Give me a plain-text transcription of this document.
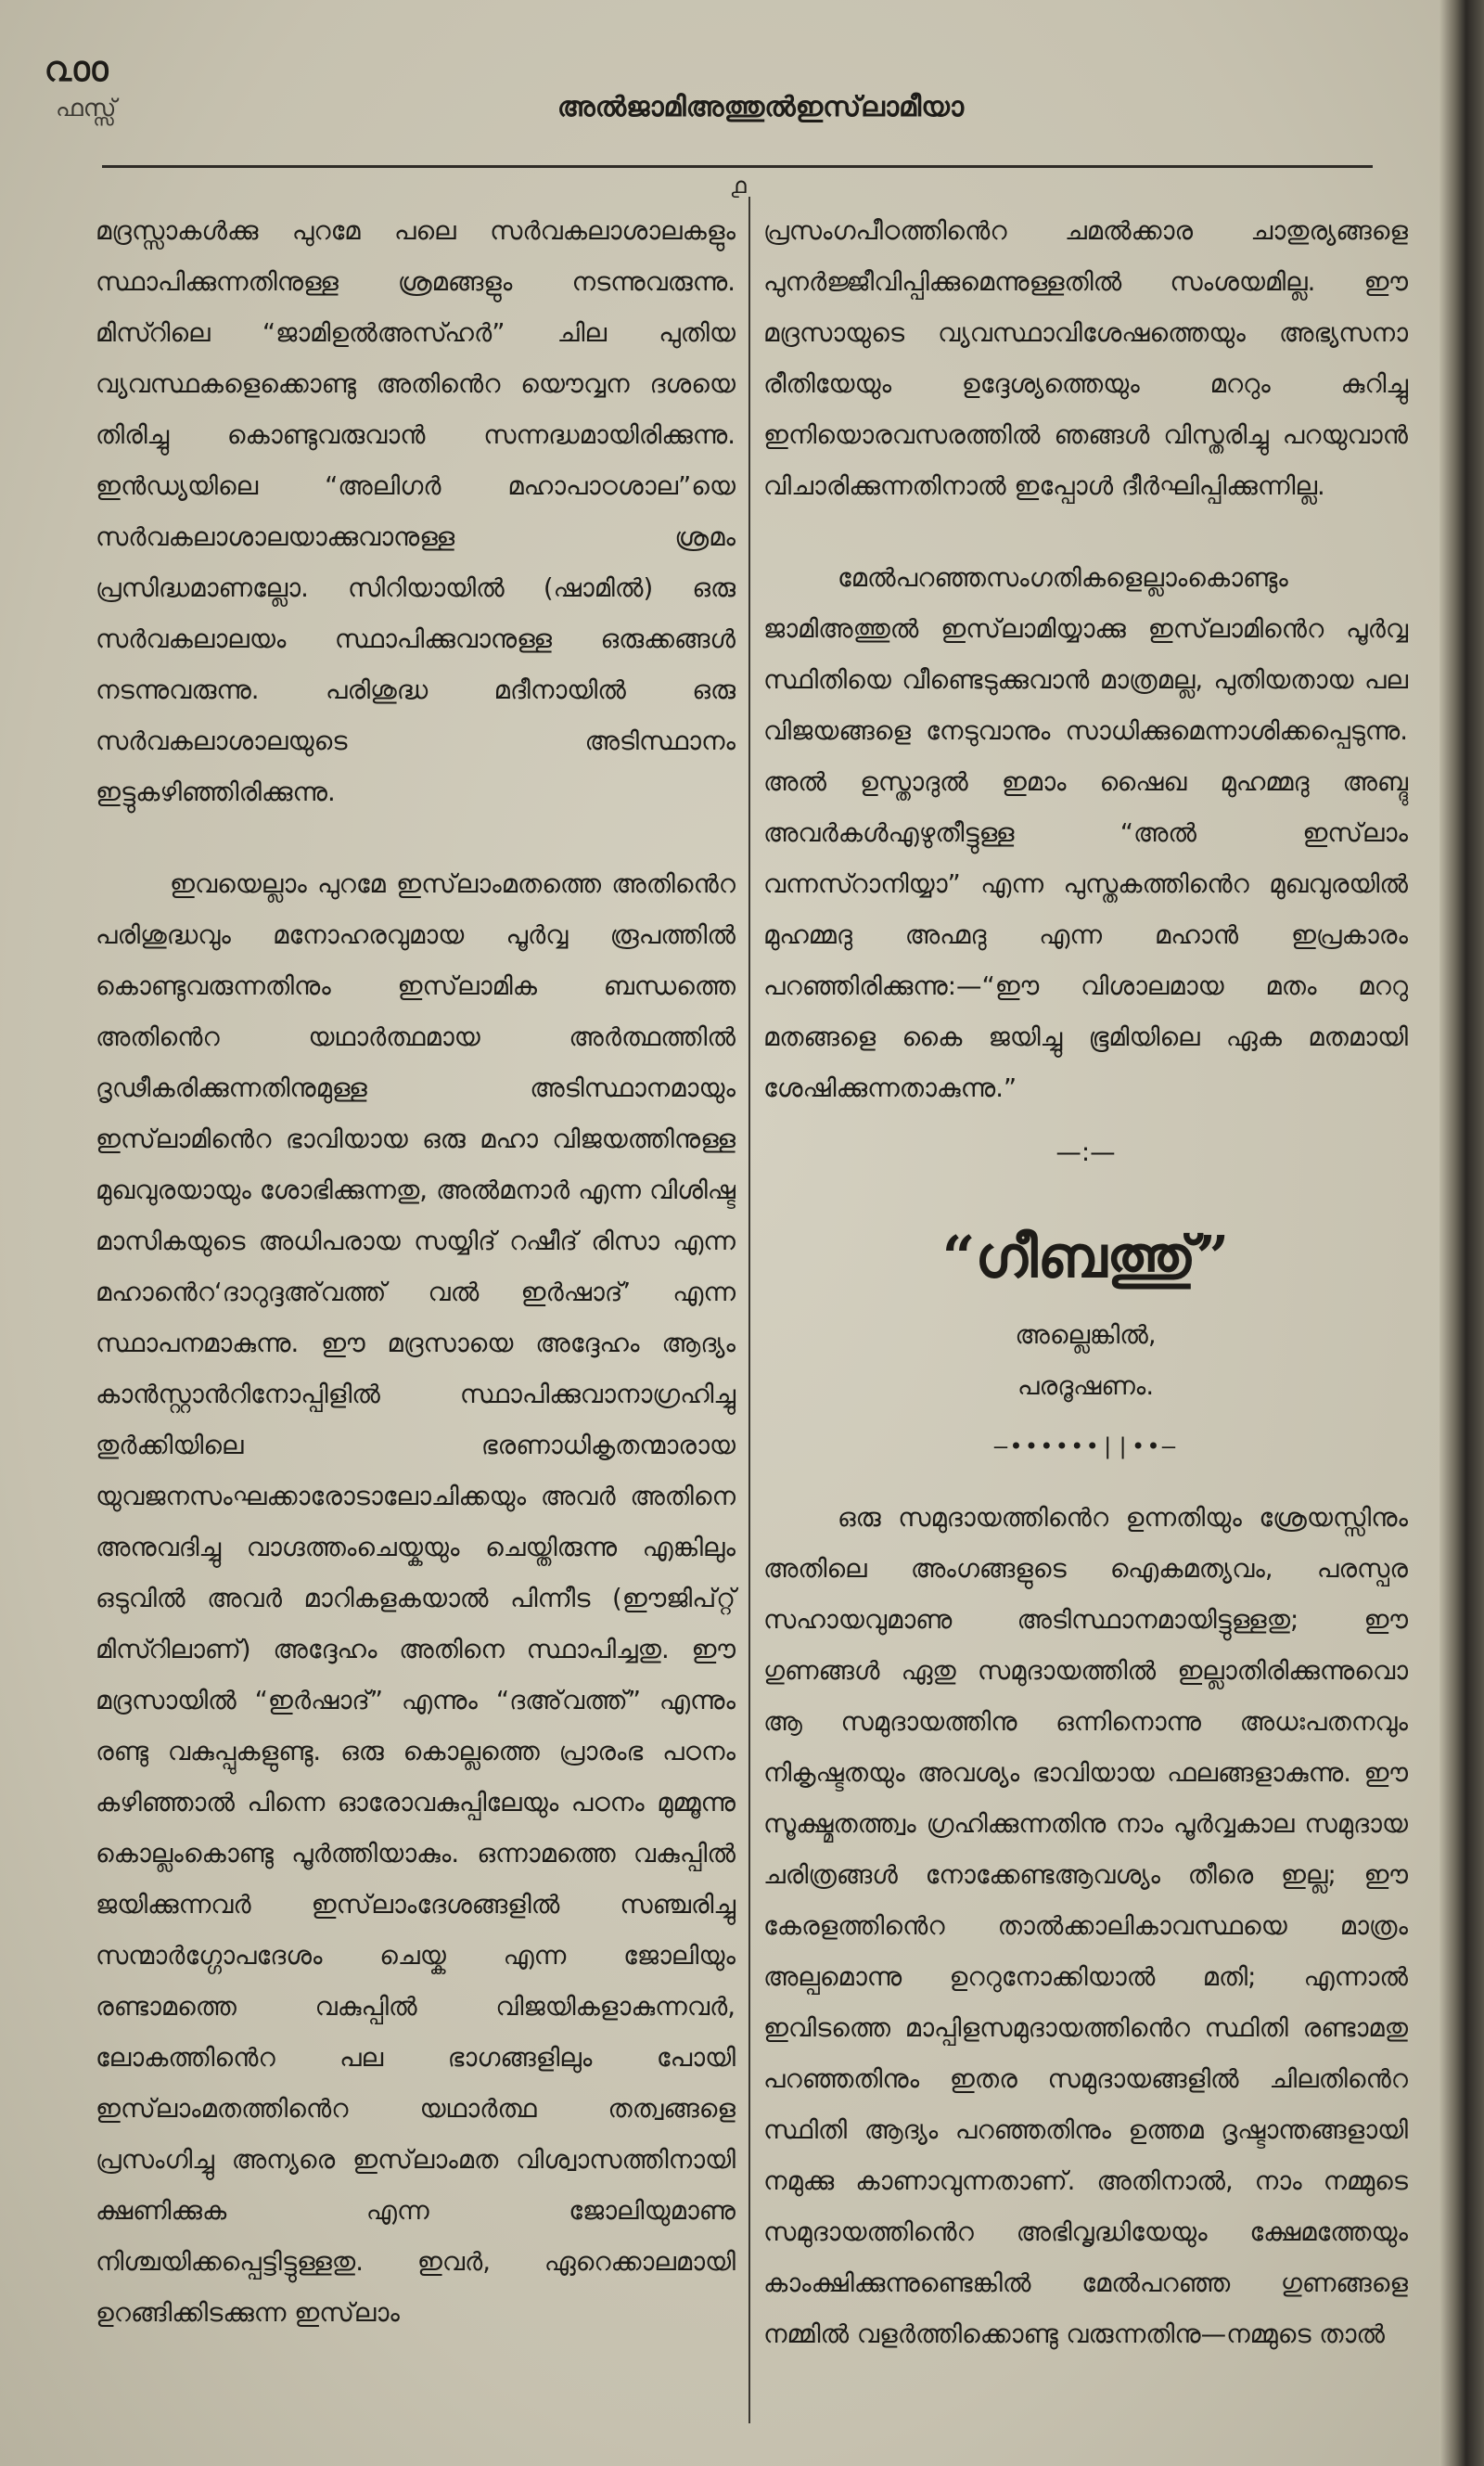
൨൦൦
ഫസ്സ്	അൽജാമിഅത്തുൽഇസ്‌ലാമീയാ
൧

മദ്രസ്സാകൾക്കു പുറമേ പലെ സർവകലാശാലകളും സ്ഥാപിക്കുന്നതിനുള്ള ശ്രമങ്ങളും നടന്നുവരുന്നു. മിസ്റിലെ “ജാമിഉൽഅസ്ഹർ” ചില പുതിയ വ്യവസ്ഥകളെക്കൊണ്ടു അതിൻെറ യൌവ്വന ദശയെ തിരിച്ചു കൊണ്ടുവരുവാൻ സന്നദ്ധമായിരിക്കുന്നു. ഇൻഡ്യയിലെ “അലിഗർ മഹാപാഠശാല”യെ സർവകലാശാലയാക്കുവാനുള്ള ശ്രമം പ്രസിദ്ധമാണല്ലോ. സിറിയായിൽ (ഷാമിൽ) ഒരു സർവകലാലയം സ്ഥാപിക്കുവാനുള്ള ഒരുക്കങ്ങൾ നടന്നുവരുന്നു. പരിശുദ്ധ മദീനായിൽ ഒരു സർവകലാശാലയുടെ അടിസ്ഥാനം ഇട്ടുകഴിഞ്ഞിരിക്കുന്നു.

ഇവയെല്ലാം പുറമേ ഇസ്‌ലാംമതത്തെ അതിൻെറ പരിശുദ്ധവും മനോഹരവുമായ പൂർവ്വ രൂപത്തിൽ കൊണ്ടുവരുന്നതിനും ഇസ്‌ലാമിക ബന്ധത്തെ അതിൻെറ യഥാർത്ഥമായ അർത്ഥത്തിൽ ദൃഢീകരിക്കുന്നതിനുമുള്ള അടിസ്ഥാനമായും ഇസ്‌ലാമിൻെറ ഭാവിയായ ഒരു മഹാ വിജയത്തിനുള്ള മുഖവുരയായും ശോഭിക്കുന്നതു, അൽമനാർ എന്ന വിശിഷ്ട മാസികയുടെ അധിപരായ സയ്യിദ് റഷീദ് രിസാ എന്ന മഹാൻെറ‘ദാറുദ്ദഅ്‌വത്ത് വൽ ഇർഷാദ്’ എന്ന സ്ഥാപനമാകുന്നു. ഈ മദ്രസായെ അദ്ദേഹം ആദ്യം കാൻസ്റ്റാൻറിനോപ്പിളിൽ സ്ഥാപിക്കുവാനാഗ്രഹിച്ചു തുർക്കിയിലെ ഭരണാധികൃതന്മാരായ യുവജനസംഘക്കാരോടാലോചിക്കയും അവർ അതിനെ അനുവദിച്ചു വാഗ്ദത്തംചെയ്കയും ചെയ്തിരുന്നു എങ്കിലും ഒടുവിൽ അവർ മാറികളകയാൽ പിന്നീട (ഈജിപ്റ്റ് മിസ്റിലാണ്) അദ്ദേഹം അതിനെ സ്ഥാപിച്ചതു. ഈ മദ്രസായിൽ “ഇർഷാദ്” എന്നും “ദഅ്‌വത്ത്” എന്നും രണ്ടു വകുപ്പുകളുണ്ടു. ഒരു കൊല്ലത്തെ പ്രാരംഭ പഠനം കഴിഞ്ഞാൽ പിന്നെ ഓരോവകുപ്പിലേയും പഠനം മുമ്മൂന്നു കൊല്ലംകൊണ്ടു പൂർത്തിയാകും. ഒന്നാമത്തെ വകുപ്പിൽ ജയിക്കുന്നവർ ഇസ്‌ലാംദേശങ്ങളിൽ സഞ്ചരിച്ചു സന്മാർഗ്ഗോപദേശം ചെയ്ക എന്ന ജോലിയും രണ്ടാമത്തെ വകുപ്പിൽ വിജയികളാകുന്നവർ, ലോകത്തിൻെറ പല ഭാഗങ്ങളിലും പോയി ഇസ്‌ലാംമതത്തിൻെറ യഥാർത്ഥ തത്വങ്ങളെ പ്രസംഗിച്ചു അന്യരെ ഇസ്‌ലാംമത വിശ്വാസത്തിനായി ക്ഷണിക്കുക എന്ന ജോലിയുമാണു നിശ്ചയിക്കപ്പെട്ടിട്ടുള്ളതു. ഇവർ, ഏറെക്കാലമായി ഉറങ്ങിക്കിടക്കുന്ന ഇസ്‌ലാം

പ്രസംഗപീഠത്തിൻെറ ചമൽക്കാര ചാതുര്യങ്ങളെ പുനർജ്ജീവിപ്പിക്കുമെന്നുള്ളതിൽ സംശയമില്ല. ഈ മദ്രസായുടെ വ്യവസ്ഥാവിശേഷത്തെയും അഭ്യസനാ രീതിയേയും ഉദ്ദേശ്യത്തെയും മററും കുറിച്ചു ഇനിയൊരവസരത്തിൽ ഞങ്ങൾ വിസ്തരിച്ചു പറയുവാൻ വിചാരിക്കുന്നതിനാൽ ഇപ്പോൾ ദീർഘിപ്പിക്കുന്നില്ല.

മേൽപറഞ്ഞസംഗതികളെല്ലാംകൊണ്ടും ജാമിഅത്തുൽ ഇസ്‌ലാമിയ്യാക്കു ഇസ്‌ലാമിൻെറ പൂർവ്വ സ്ഥിതിയെ വീണ്ടെടുക്കുവാൻ മാത്രമല്ല, പുതിയതായ പല വിജയങ്ങളെ നേടുവാനും സാധിക്കുമെന്നാശിക്കപ്പെടുന്നു. അൽ ഉസ്താദുൽ ഇമാം ഷൈഖ മുഹമ്മദു അബ്ദു അവർകൾഎഴുതീട്ടുള്ള “അൽ ഇസ്‌ലാം വന്നസ്റാനിയ്യാ” എന്ന പുസ്തകത്തിൻെറ മുഖവുരയിൽ മുഹമ്മദു അഹ്മദു എന്ന മഹാൻ ഇപ്രകാരം പറഞ്ഞിരിക്കുന്നു:—“ഈ വിശാലമായ മതം മററു മതങ്ങളെ കൈ ജയിച്ചു ഭൂമിയിലെ ഏക മതമായി ശേഷിക്കുന്നതാകുന്നു.”

—:—
“ഗീബത്തു്”
അല്ലെങ്കിൽ,
പരദൂഷണം.
—••••••||••—

ഒരു സമുദായത്തിൻെറ ഉന്നതിയും ശ്രേയസ്സിനും അതിലെ അംഗങ്ങളുടെ ഐകമത്യവം, പരസ്പര സഹായവുമാണു അടിസ്ഥാനമായിട്ടുള്ളതു; ഈ ഗുണങ്ങൾ ഏതു സമുദായത്തിൽ ഇല്ലാതിരിക്കുന്നുവൊ ആ സമുദായത്തിനു ഒന്നിനൊന്നു അധഃപതനവും നികൃഷ്ടതയും അവശ്യം ഭാവിയായ ഫലങ്ങളാകുന്നു. ഈ സൂക്ഷ്മതത്ത്വം ഗ്രഹിക്കുന്നതിനു നാം പൂർവ്വകാല സമുദായ ചരിത്രങ്ങൾ നോക്കേണ്ടആവശ്യം തീരെ ഇല്ല; ഈ കേരളത്തിൻെറ താൽക്കാലികാവസ്ഥയെ മാത്രം അല്പമൊന്നു ഉററുനോക്കിയാൽ മതി; എന്നാൽ ഇവിടത്തെ മാപ്പിളസമുദായത്തിൻെറ സ്ഥിതി രണ്ടാമതു പറഞ്ഞതിനും ഇതര സമുദായങ്ങളിൽ ചിലതിൻെറ സ്ഥിതി ആദ്യം പറഞ്ഞതിനും ഉത്തമ ദൃഷ്ടാന്തങ്ങളായി നമുക്കു കാണാവുന്നതാണ്. അതിനാൽ, നാം നമ്മുടെ സമുദായത്തിൻെറ അഭിവൃദ്ധിയേയും ക്ഷേമത്തേയും കാംക്ഷിക്കുന്നുണ്ടെങ്കിൽ മേൽപറഞ്ഞ ഗുണങ്ങളെ നമ്മിൽ വളർത്തിക്കൊണ്ടു വരുന്നതിനു—നമ്മുടെ താൽ
